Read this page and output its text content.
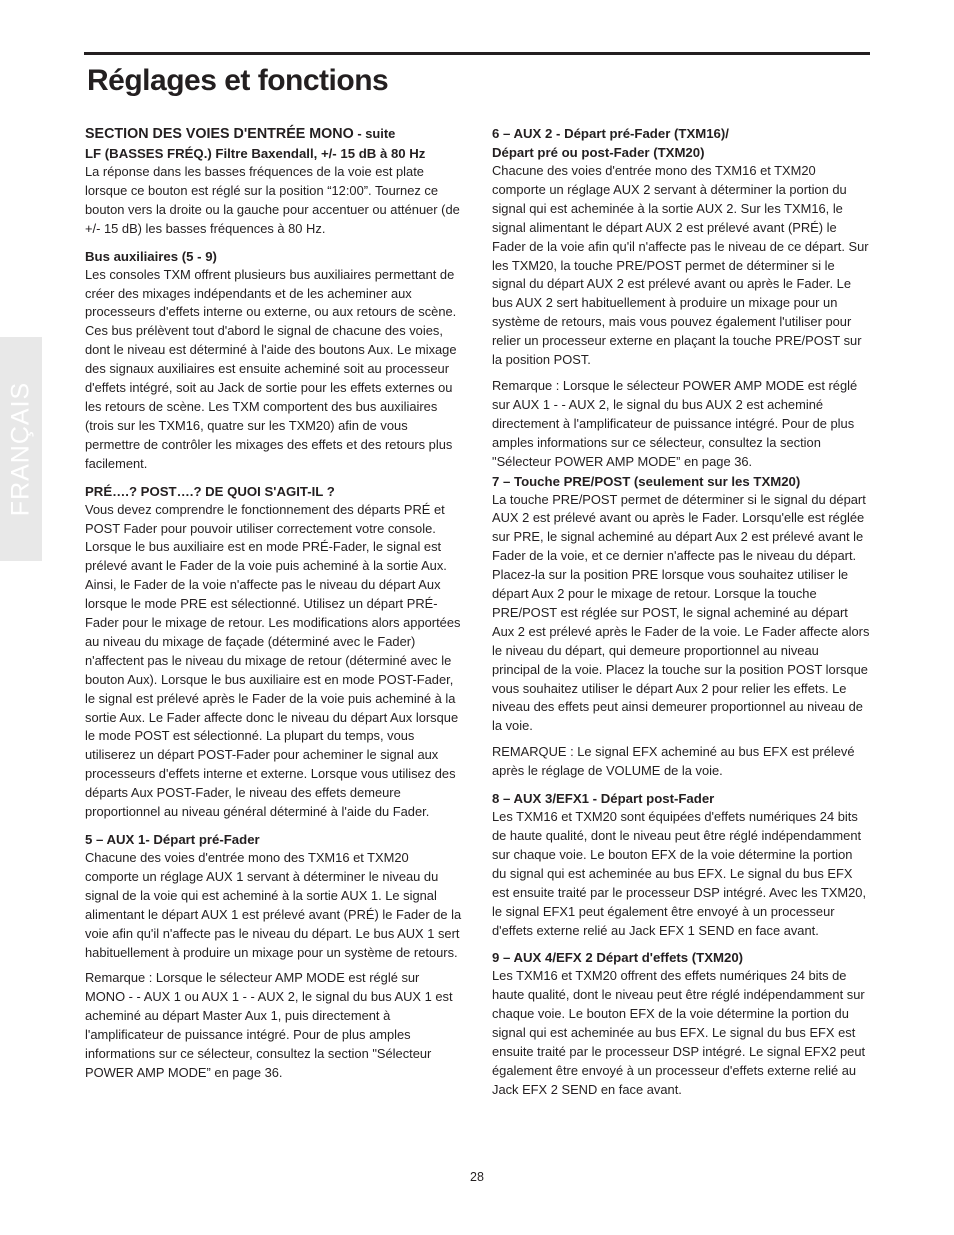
Réglages et fonctions
FRANÇAIS
SECTION DES VOIES D'ENTRÉE MONO - suite
LF (BASSES FRÉQ.) Filtre Baxendall, +/- 15 dB à 80 Hz

La réponse dans les basses fréquences de la voie est plate lorsque ce bouton est réglé sur la position “12:00”. Tournez ce bouton vers la droite ou la gauche pour accentuer ou atténuer (de +/- 15 dB) les basses fréquences à 80 Hz.

Bus auxiliaires (5 - 9)

Les consoles TXM offrent plusieurs bus auxiliaires permettant de créer des mixages indépendants et de les acheminer aux processeurs d'effets interne ou externe, ou aux retours de scène. Ces bus prélèvent tout d'abord le signal de chacune des voies, dont le niveau est déterminé à l'aide des boutons Aux. Le mixage des signaux auxiliaires est ensuite acheminé soit au processeur d'effets intégré, soit au Jack de sortie pour les effets externes ou les retours de scène. Les TXM comportent des bus auxiliaires (trois sur les TXM16, quatre sur les TXM20) afin de vous permettre de contrôler les mixages des effets et des retours plus facilement.

PRÉ….? POST….? DE QUOI S'AGIT-IL ?

Vous devez comprendre le fonctionnement des départs PRÉ et POST Fader pour pouvoir utiliser correctement votre console. Lorsque le bus auxiliaire est en mode PRÉ-Fader, le signal est prélevé avant le Fader de la voie puis acheminé à la sortie Aux. Ainsi, le Fader de la voie n'affecte pas le niveau du départ Aux lorsque le mode PRE est sélectionné. Utilisez un départ PRÉ-Fader pour le mixage de retour. Les modifications alors apportées au niveau du mixage de façade (déterminé avec le Fader) n'affectent pas le niveau du mixage de retour (déterminé avec le bouton Aux). Lorsque le bus auxiliaire est en mode POST-Fader, le signal est prélevé après le Fader de la voie puis acheminé à la sortie Aux. Le Fader affecte donc le niveau du départ Aux lorsque le mode POST est sélectionné. La plupart du temps, vous utiliserez un départ POST-Fader pour acheminer le signal aux processeurs d'effets interne et externe. Lorsque vous utilisez des départs Aux POST-Fader, le niveau des effets demeure proportionnel au niveau général déterminé à l'aide du Fader.

5 – AUX 1- Départ pré-Fader

Chacune des voies d'entrée mono des TXM16 et TXM20 comporte un réglage AUX 1 servant à déterminer le niveau du signal de la voie qui est acheminé à la sortie AUX 1. Le signal alimentant le départ AUX 1 est prélevé avant (PRÉ) le Fader de la voie afin qu'il n'affecte pas le niveau du départ. Le bus AUX 1 sert habituellement à produire un mixage pour un système de retours.

Remarque : Lorsque le sélecteur AMP MODE est réglé sur MONO - - AUX 1 ou AUX 1 - - AUX 2, le signal du bus AUX 1 est acheminé au départ Master Aux 1, puis directement à l'amplificateur de puissance intégré. Pour de plus amples informations sur ce sélecteur, consultez la section "Sélecteur POWER AMP MODE” en page 36.

6 – AUX 2 - Départ pré-Fader (TXM16)/
Départ pré ou post-Fader (TXM20)

Chacune des voies d'entrée mono des TXM16 et TXM20 comporte un réglage AUX 2 servant à déterminer la portion du signal qui est acheminée à la sortie AUX 2. Sur les TXM16, le signal alimentant le départ AUX 2 est prélevé avant (PRÉ) le Fader de la voie afin qu'il n'affecte pas le niveau de ce départ. Sur les TXM20, la touche PRE/POST permet de déterminer si le signal du départ AUX 2 est prélevé avant ou après le Fader. Le bus AUX 2 sert habituellement à produire un mixage pour un système de retours, mais vous pouvez également l'utiliser pour relier un processeur externe en plaçant la touche PRE/POST sur la position POST.

Remarque : Lorsque le sélecteur POWER AMP MODE est réglé sur AUX 1 - - AUX 2, le signal du bus AUX 2 est acheminé directement à l'amplificateur de puissance intégré. Pour de plus amples informations sur ce sélecteur, consultez la section "Sélecteur POWER AMP MODE” en page 36.

7 – Touche PRE/POST (seulement sur les TXM20)

La touche PRE/POST permet de déterminer si le signal du départ AUX 2 est prélevé avant ou après le Fader. Lorsqu'elle est réglée sur PRE, le signal acheminé au départ Aux 2 est prélevé avant le Fader de la voie, et ce dernier n'affecte pas le niveau du départ. Placez-la sur la position PRE lorsque vous souhaitez utiliser le départ Aux 2 pour le mixage de retour. Lorsque la touche PRE/POST est réglée sur POST, le signal acheminé au départ Aux 2 est prélevé après le Fader de la voie. Le Fader affecte alors le niveau du départ, qui demeure proportionnel au niveau principal de la voie. Placez la touche sur la position POST lorsque vous souhaitez utiliser le départ Aux 2 pour relier les effets. Le niveau des effets peut ainsi demeurer proportionnel au niveau de la voie.

REMARQUE : Le signal EFX acheminé au bus EFX est prélevé après le réglage de VOLUME de la voie.

8 – AUX 3/EFX1 - Départ post-Fader

Les TXM16 et TXM20 sont équipées d'effets numériques 24 bits de haute qualité, dont le niveau peut être réglé indépendamment sur chaque voie. Le bouton EFX de la voie détermine la portion du signal qui est acheminée au bus EFX. Le signal du bus EFX est ensuite traité par le processeur DSP intégré. Avec les TXM20, le signal EFX1 peut également être envoyé à un processeur d'effets externe relié au Jack EFX 1 SEND en face avant.

9 – AUX 4/EFX 2 Départ d'effets (TXM20)

Les TXM16 et TXM20 offrent des effets numériques 24 bits de haute qualité, dont le niveau peut être réglé indépendamment sur chaque voie. Le bouton EFX de la voie détermine la portion du signal qui est acheminée au bus EFX. Le signal du bus EFX est ensuite traité par le processeur DSP intégré. Le signal EFX2 peut également être envoyé à un processeur d'effets externe relié au Jack EFX 2 SEND en face avant.

28
